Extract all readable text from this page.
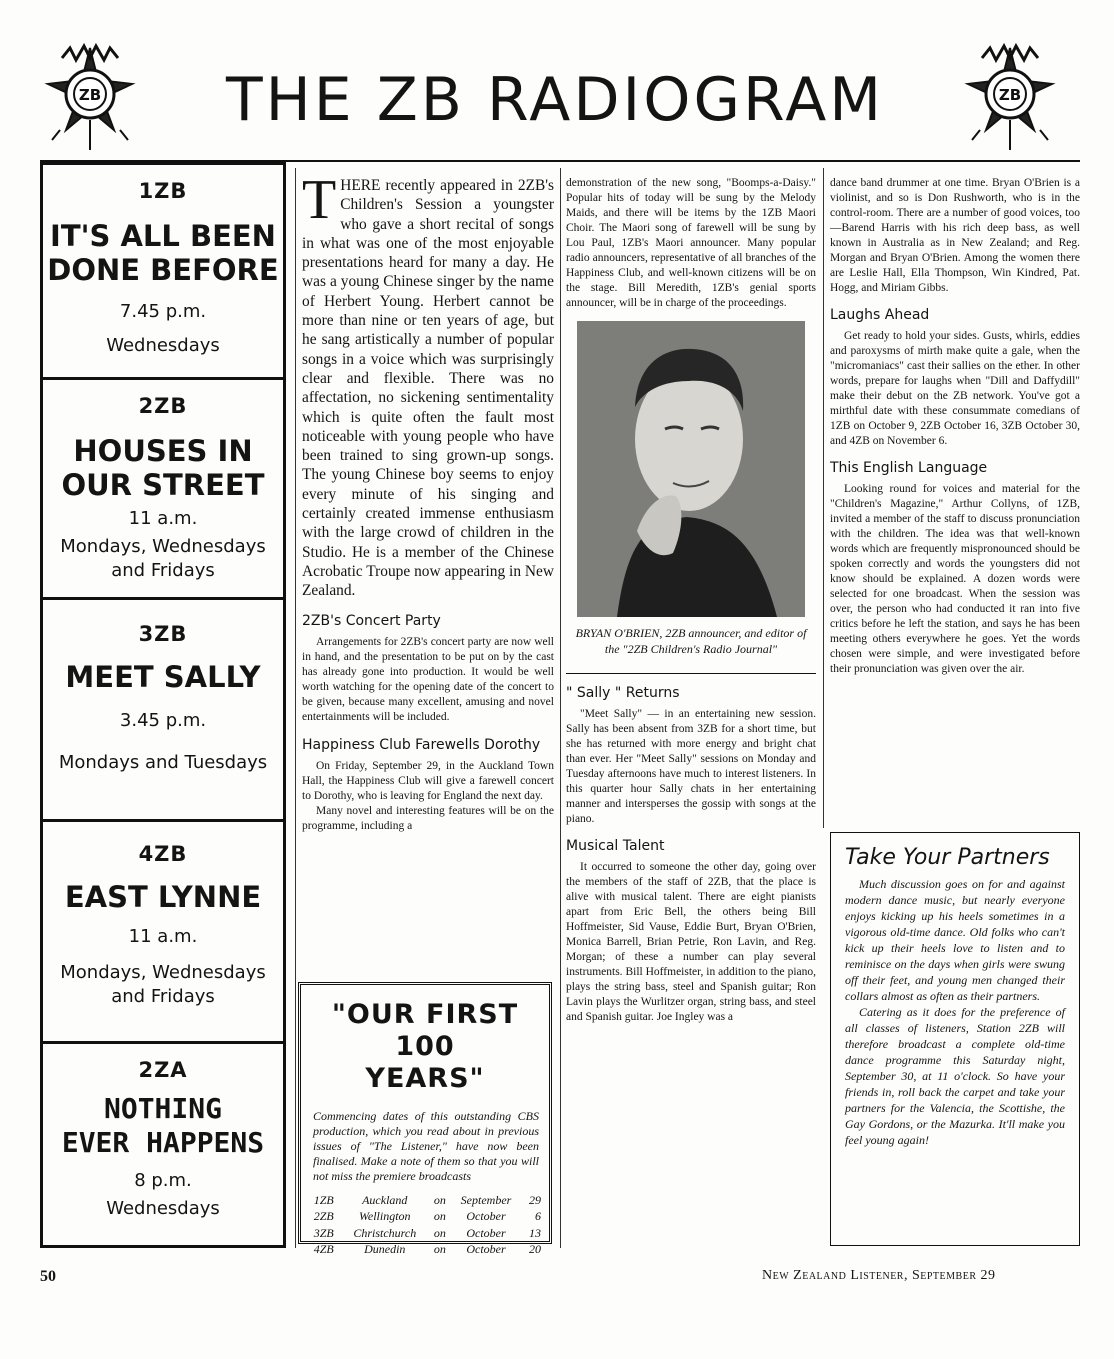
ZB	ZB
THE ZB RADIOGRAM
1ZB
IT'S ALL BEEN
DONE BEFORE
7.45 p.m.
Wednesdays
2ZB
HOUSES IN
OUR STREET
11 a.m.
Mondays, Wednesdays
and Fridays
3ZB
MEET SALLY
3.45 p.m.
Mondays and Tuesdays
4ZB
EAST LYNNE
11 a.m.
Mondays, Wednesdays
and Fridays
2ZA
NOTHING
EVER HAPPENS
8 p.m.
Wednesdays
T HERE recently appeared in 2ZB's Children's Session a youngster who gave a short recital of songs in what was one of the most enjoyable presentations heard for many a day. He was a young Chinese singer by the name of Herbert Young. Herbert cannot be more than nine or ten years of age, but he sang artistically a number of popular songs in a voice which was surprisingly clear and flexible. There was no affectation, no sickening sentimentality which is quite often the fault most noticeable with young people who have been trained to sing grown-up songs. The young Chinese boy seems to enjoy every minute of his singing and certainly created immense enthusiasm with the large crowd of children in the Studio. He is a member of the Chinese Acrobatic Troupe now appearing in New Zealand.

2ZB's Concert Party

Arrangements for 2ZB's concert party are now well in hand, and the presentation to be put on by the cast has already gone into production. It would be well worth watching for the opening date of the concert to be given, because many excellent, amusing and novel entertainments will be included.

Happiness Club Farewells Dorothy

On Friday, September 29, in the Auckland Town Hall, the Happiness Club will give a farewell concert to Dorothy, who is leaving for England the next day.

Many novel and interesting features will be on the programme, including a

"OUR FIRST 100
YEARS"
Commencing dates of this outstanding CBS production, which you read about in previous issues of "The Listener," have now been finalised. Make a note of them so that you will not miss the premiere broadcasts
1ZB	Auckland	on	September	29
2ZB	Wellington	on	October	6
3ZB	Christchurch	on	October	13
4ZB	Dunedin	on	October	20

demonstration of the new song, "Boomps-a-Daisy." Popular hits of today will be sung by the Melody Maids, and there will be items by the 1ZB Maori Choir. The Maori song of farewell will be sung by Lou Paul, 1ZB's Maori announcer. Many popular radio announcers, representative of all branches of the Happiness Club, and well-known citizens will be on the stage. Bill Meredith, 1ZB's genial sports announcer, will be in charge of the proceedings.

BRYAN O'BRIEN, 2ZB announcer, and editor of the "2ZB Children's Radio Journal"
" Sally " Returns

"Meet Sally" — in an entertaining new session. Sally has been absent from 3ZB for a short time, but she has returned with more energy and bright chat than ever. Her "Meet Sally" sessions on Monday and Tuesday afternoons have much to interest listeners. In this quarter hour Sally chats in her entertaining manner and intersperses the gossip with songs at the piano.

Musical Talent

It occurred to someone the other day, going over the members of the staff of 2ZB, that the place is alive with musical talent. There are eight pianists apart from Eric Bell, the others being Bill Hoffmeister, Sid Vause, Eddie Burt, Bryan O'Brien, Monica Barrell, Brian Petrie, Ron Lavin, and Reg. Morgan; of these a number can play several instruments. Bill Hoffmeister, in addition to the piano, plays the string bass, steel and Spanish guitar; Ron Lavin plays the Wurlitzer organ, string bass, and steel and Spanish guitar. Joe Ingley was a

dance band drummer at one time. Bryan O'Brien is a violinist, and so is Don Rushworth, who is in the control-room. There are a number of good voices, too —Barend Harris with his rich deep bass, as well known in Australia as in New Zealand; and Reg. Morgan and Bryan O'Brien. Among the women there are Leslie Hall, Ella Thompson, Win Kindred, Pat. Hogg, and Miriam Gibbs.

Laughs Ahead

Get ready to hold your sides. Gusts, whirls, eddies and paroxysms of mirth make quite a gale, when the "micromaniacs" cast their sallies on the ether. In other words, prepare for laughs when "Dill and Daffydill" make their debut on the ZB network. You've got a mirthful date with these consummate comedians of 1ZB on October 9, 2ZB October 16, 3ZB October 30, and 4ZB on November 6.

This English Language

Looking round for voices and material for the "Children's Magazine," Arthur Collyns, of 1ZB, invited a member of the staff to discuss pronunciation with the children. The idea was that well-known words which are frequently mispronounced should be spoken correctly and words the youngsters did not know should be explained. A dozen words were selected for one broadcast. When the session was over, the person who had conducted it ran into five critics before he left the station, and says he has been meeting others everywhere he goes. Yet the words chosen were simple, and were investigated before their pronunciation was given over the air.

Take Your Partners

Much discussion goes on for and against modern dance music, but nearly everyone enjoys kicking up his heels sometimes in a vigorous old-time dance. Old folks who can't kick up their heels love to listen and to reminisce on the days when girls were swung off their feet, and young men changed their collars almost as often as their partners.

Catering as it does for the preference of all classes of listeners, Station 2ZB will therefore broadcast a complete old-time dance programme this Saturday night, September 30, at 11 o'clock. So have your friends in, roll back the carpet and take your partners for the Valencia, the Scottishe, the Gay Gordons, or the Mazurka. It'll make you feel young again!

50	New Zealand Listener, September 29
